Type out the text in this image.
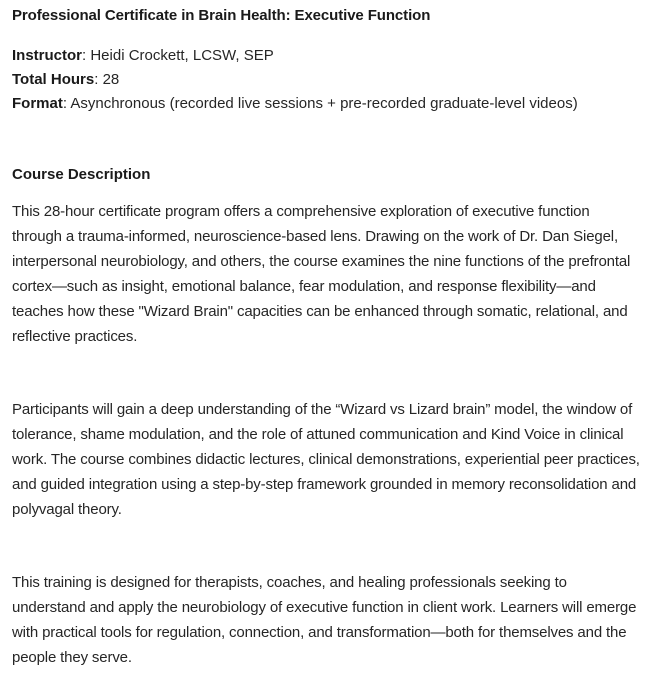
Professional Certificate in Brain Health: Executive Function
Instructor: Heidi Crockett, LCSW, SEP
Total Hours: 28
Format: Asynchronous (recorded live sessions + pre-recorded graduate-level videos)
Course Description

This 28-hour certificate program offers a comprehensive exploration of executive function through a trauma-informed, neuroscience-based lens. Drawing on the work of Dr. Dan Siegel, interpersonal neurobiology, and others, the course examines the nine functions of the prefrontal cortex—such as insight, emotional balance, fear modulation, and response flexibility—and teaches how these "Wizard Brain" capacities can be enhanced through somatic, relational, and reflective practices.

Participants will gain a deep understanding of the “Wizard vs Lizard brain” model, the window of tolerance, shame modulation, and the role of attuned communication and Kind Voice in clinical work. The course combines didactic lectures, clinical demonstrations, experiential peer practices, and guided integration using a step-by-step framework grounded in memory reconsolidation and polyvagal theory.

This training is designed for therapists, coaches, and healing professionals seeking to understand and apply the neurobiology of executive function in client work. Learners will emerge with practical tools for regulation, connection, and transformation—both for themselves and the people they serve.
